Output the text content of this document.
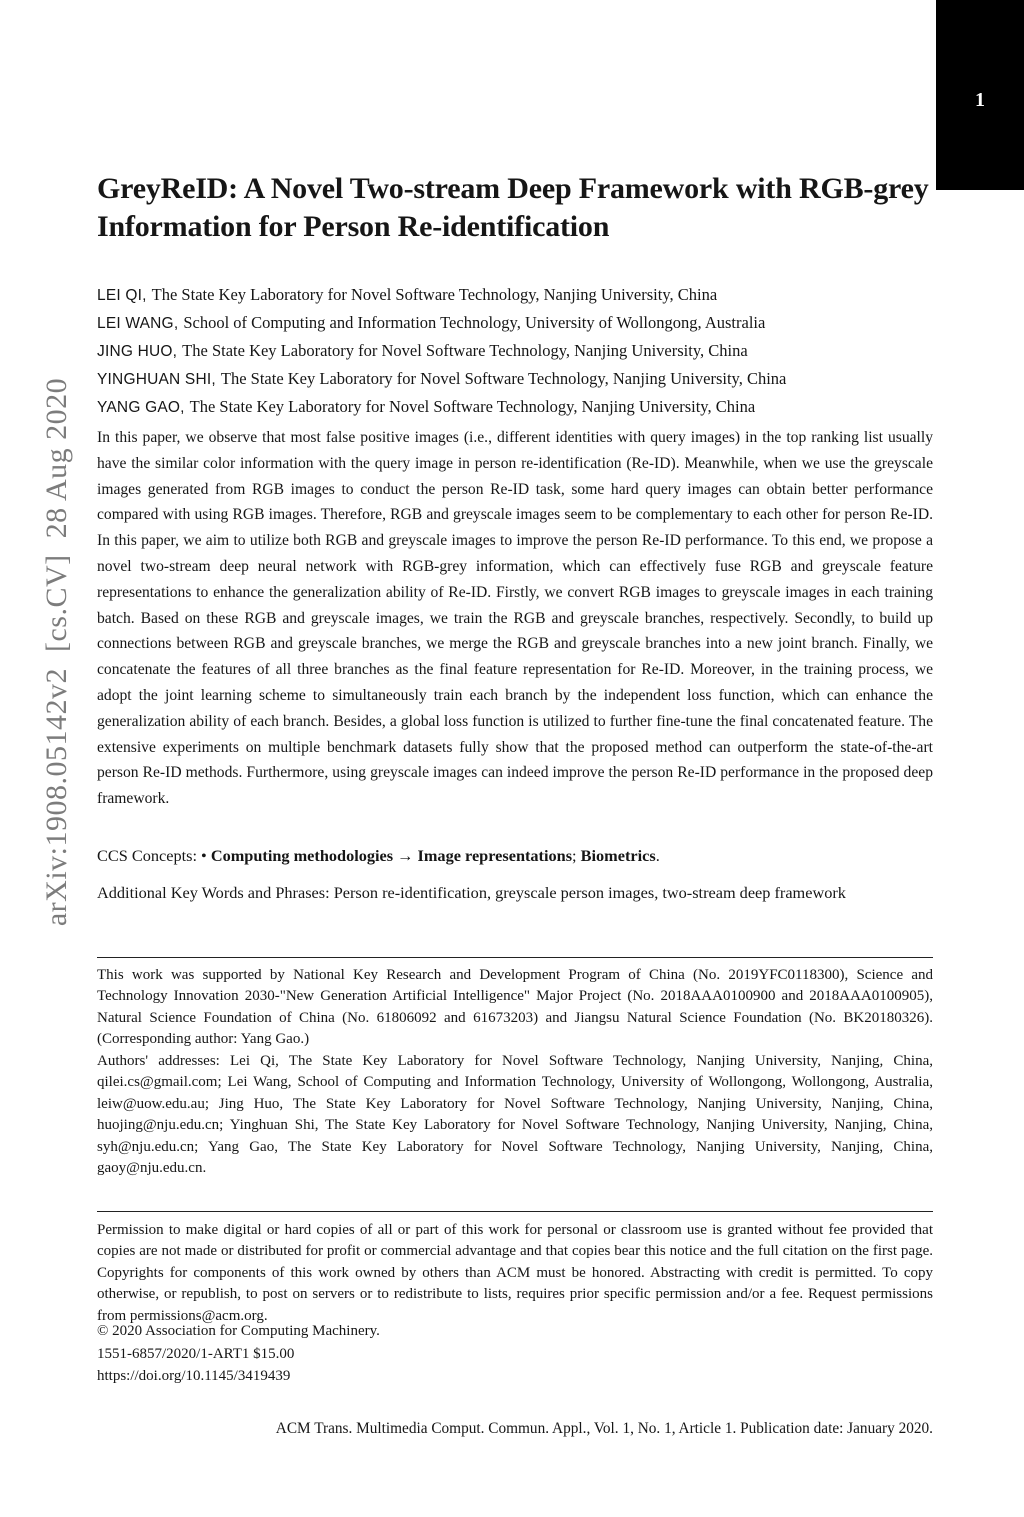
1
arXiv:1908.05142v2  [cs.CV]  28 Aug 2020
GreyReID: A Novel Two-stream Deep Framework with RGB-grey Information for Person Re-identification
LEI QI, The State Key Laboratory for Novel Software Technology, Nanjing University, China
LEI WANG, School of Computing and Information Technology, University of Wollongong, Australia
JING HUO, The State Key Laboratory for Novel Software Technology, Nanjing University, China
YINGHUAN SHI, The State Key Laboratory for Novel Software Technology, Nanjing University, China
YANG GAO, The State Key Laboratory for Novel Software Technology, Nanjing University, China

In this paper, we observe that most false positive images (i.e., different identities with query images) in the top ranking list usually have the similar color information with the query image in person re-identification (Re-ID). Meanwhile, when we use the greyscale images generated from RGB images to conduct the person Re-ID task, some hard query images can obtain better performance compared with using RGB images. Therefore, RGB and greyscale images seem to be complementary to each other for person Re-ID. In this paper, we aim to utilize both RGB and greyscale images to improve the person Re-ID performance. To this end, we propose a novel two-stream deep neural network with RGB-grey information, which can effectively fuse RGB and greyscale feature representations to enhance the generalization ability of Re-ID. Firstly, we convert RGB images to greyscale images in each training batch. Based on these RGB and greyscale images, we train the RGB and greyscale branches, respectively. Secondly, to build up connections between RGB and greyscale branches, we merge the RGB and greyscale branches into a new joint branch. Finally, we concatenate the features of all three branches as the final feature representation for Re-ID. Moreover, in the training process, we adopt the joint learning scheme to simultaneously train each branch by the independent loss function, which can enhance the generalization ability of each branch. Besides, a global loss function is utilized to further fine-tune the final concatenated feature. The extensive experiments on multiple benchmark datasets fully show that the proposed method can outperform the state-of-the-art person Re-ID methods. Furthermore, using greyscale images can indeed improve the person Re-ID performance in the proposed deep framework.

CCS Concepts: • Computing methodologies → Image representations; Biometrics.

Additional Key Words and Phrases: Person re-identification, greyscale person images, two-stream deep framework

This work was supported by National Key Research and Development Program of China (No. 2019YFC0118300), Science and Technology Innovation 2030-"New Generation Artificial Intelligence" Major Project (No. 2018AAA0100900 and 2018AAA0100905), Natural Science Foundation of China (No. 61806092 and 61673203) and Jiangsu Natural Science Foundation (No. BK20180326). (Corresponding author: Yang Gao.)

Authors' addresses: Lei Qi, The State Key Laboratory for Novel Software Technology, Nanjing University, Nanjing, China, qilei.cs@gmail.com; Lei Wang, School of Computing and Information Technology, University of Wollongong, Wollongong, Australia, leiw@uow.edu.au; Jing Huo, The State Key Laboratory for Novel Software Technology, Nanjing University, Nanjing, China, huojing@nju.edu.cn; Yinghuan Shi, The State Key Laboratory for Novel Software Technology, Nanjing University, Nanjing, China, syh@nju.edu.cn; Yang Gao, The State Key Laboratory for Novel Software Technology, Nanjing University, Nanjing, China, gaoy@nju.edu.cn.

Permission to make digital or hard copies of all or part of this work for personal or classroom use is granted without fee provided that copies are not made or distributed for profit or commercial advantage and that copies bear this notice and the full citation on the first page. Copyrights for components of this work owned by others than ACM must be honored. Abstracting with credit is permitted. To copy otherwise, or republish, to post on servers or to redistribute to lists, requires prior specific permission and/or a fee. Request permissions from permissions@acm.org.

© 2020 Association for Computing Machinery.

1551-6857/2020/1-ART1 $15.00

https://doi.org/10.1145/3419439

ACM Trans. Multimedia Comput. Commun. Appl., Vol. 1, No. 1, Article 1. Publication date: January 2020.
